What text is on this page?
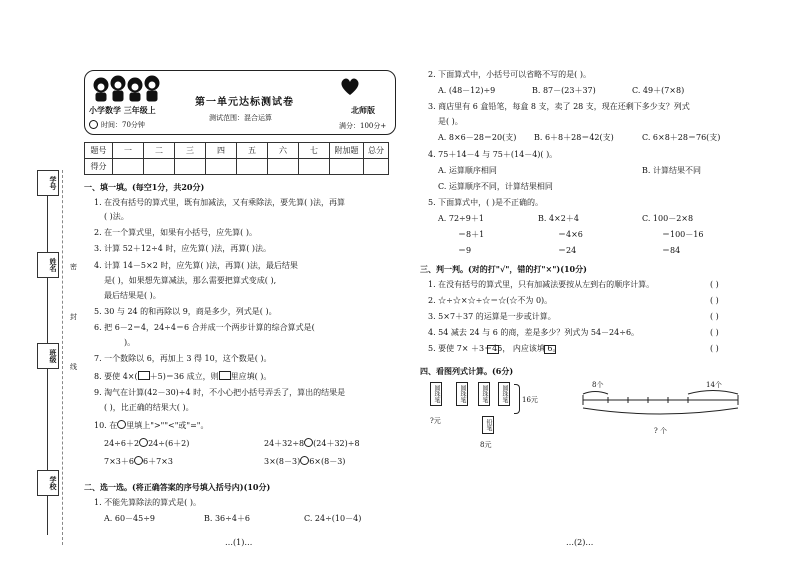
学号
姓名
班级
学校
密
封
线
小学数学 三年级上
时间：70分钟
第一单元达标测试卷
测试范围：混合运算
北师版
满分：100分+
题号	一	二	三	四	五	六	七	附加题	总分
得分									
一、填一填。(每空1分，共20分)
1. 在没有括号的算式里，既有加减法，又有乘除法，要先算( )法，再算
( )法。
2. 在一个算式里，如果有小括号，应先算( )。
3. 计算 52＋12÷4 时，应先算( )法，再算( )法。
4. 计算 14－5×2 时，应先算( )法，再算( )法，最后结果
是( )，如果想先算减法，那么需要把算式变成( ),
最后结果是( )。
5. 30 与 24 的和再除以 9，商是多少，列式是( )。
6. 把 6－2＝4，24÷4＝6 合并成一个两步计算的综合算式是(
)。
7. 一个数除以 6，再加上 3 得 10，这个数是( )。
8. 要使 4×( ＋5)＝36 成立，则 里应填( )。
9. 淘气在计算(42－30)÷4 时，不小心把小括号弄丢了，算出的结果是
( )，比正确的结果大( )。
10. 在 里填上">""<"或"="。
24÷6＋2 24÷(6＋2)	24＋32÷8 (24＋32)÷8
7×3＋6 6＋7×3	3×(8－3) 6×(8－3)
二、选一选。(将正确答案的序号填入括号内)(10分)
1. 不能先算除法的算式是( )。
A. 60－45÷9	B. 36÷4＋6	C. 24÷(10－4)
…(1)…
2. 下面算式中，小括号可以省略不写的是( )。
A. (48－12)÷9	B. 87－(23＋37)	C. 49＋(7×8)
3. 商店里有 6 盒铅笔，每盒 8 支，卖了 28 支，现在还剩下多少支？列式
是( )。
A. 8×6－28＝20(支) B. 6＋8＋28＝42(支)	C. 6×8＋28＝76(支)
4. 75＋14－4 与 75＋(14－4)( )。
A. 运算顺序相同	B. 计算结果不同
C. 运算顺序不同，计算结果相同
5. 下面算式中，( )是不正确的。
A. 72÷9＋1
＝8＋1
＝9
B. 4×2＋4
＝4×6
＝24
C. 100－2×8
＝100－16
＝84
三、判一判。(对的打"√"，错的打"×")(10分)
1. 在没有括号的算式里，只有加减法要按从左到右的顺序计算。	( )
2. ☆÷☆×☆÷☆＝☆(☆不为 0)。	( )
3. 5×7＋37 的运算是一步或计算。	( )
4. 54 减去 24 与 6 的商，差是多少？列式为 54－24÷6。	( )
5. 要使 7× ＋3＝45， 内应该填 6。	( )
四、看图列式计算。(6分)
圆珠笔	圆珠笔	圆珠笔	圆珠笔 16元
?元	铅笔
8元
8个	14个
? 个
…(2)…
